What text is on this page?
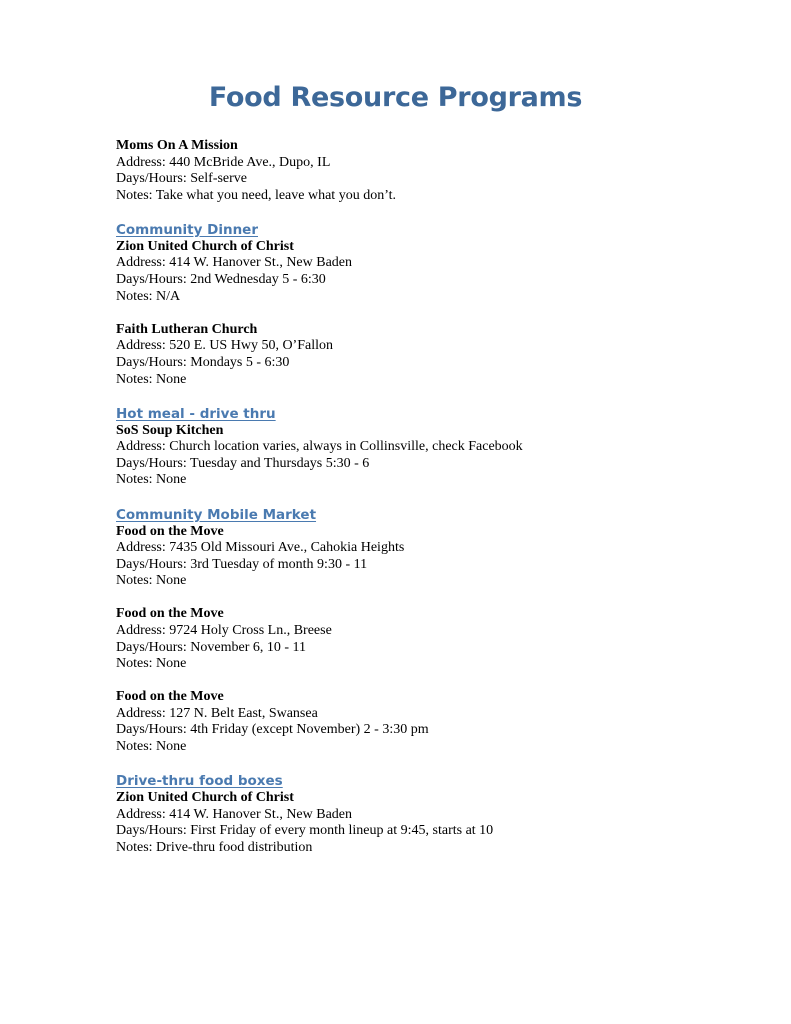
Food Resource Programs
Moms On A Mission
Address: 440 McBride Ave., Dupo, IL
Days/Hours: Self-serve
Notes: Take what you need, leave what you don’t.
Community Dinner
Zion United Church of Christ
Address: 414 W. Hanover St., New Baden
Days/Hours: 2nd Wednesday 5 - 6:30
Notes: N/A
Faith Lutheran Church
Address: 520 E. US Hwy 50, O’Fallon
Days/Hours: Mondays 5 - 6:30
Notes: None
Hot meal - drive thru
SoS Soup Kitchen
Address: Church location varies, always in Collinsville, check Facebook
Days/Hours: Tuesday and Thursdays 5:30 - 6
Notes: None
Community Mobile Market
Food on the Move
Address: 7435 Old Missouri Ave., Cahokia Heights
Days/Hours: 3rd Tuesday of month 9:30 - 11
Notes: None
Food on the Move
Address: 9724 Holy Cross Ln., Breese
Days/Hours: November 6, 10 - 11
Notes: None
Food on the Move
Address: 127 N. Belt East, Swansea
Days/Hours: 4th Friday (except November) 2 - 3:30 pm
Notes: None
Drive-thru food boxes
Zion United Church of Christ
Address: 414 W. Hanover St., New Baden
Days/Hours: First Friday of every month lineup at 9:45, starts at 10
Notes: Drive-thru food distribution
